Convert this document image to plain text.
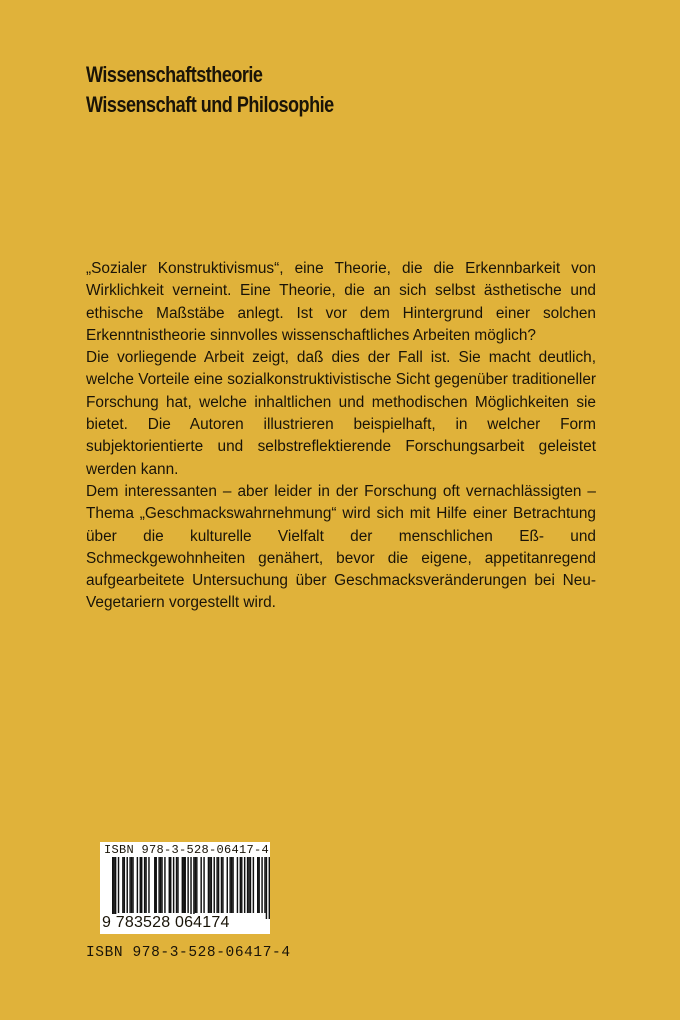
Wissenschaftstheorie
Wissenschaft und Philosophie

„Sozialer Konstruktivismus“, eine Theorie, die die Erkennbarkeit von Wirklichkeit verneint. Eine Theorie, die an sich selbst ästhetische und ethische Maßstäbe anlegt. Ist vor dem Hintergrund einer solchen Erkenntnistheorie sinnvolles wissenschaftliches Arbeiten möglich?

Die vorliegende Arbeit zeigt, daß dies der Fall ist. Sie macht deutlich, welche Vorteile eine sozialkonstruktivistische Sicht gegenüber traditioneller Forschung hat, welche inhaltlichen und methodischen Möglichkeiten sie bietet. Die Autoren illustrieren beispielhaft, in welcher Form subjektorientierte und selbstreflektierende Forschungsarbeit geleistet werden kann.

Dem interessanten – aber leider in der Forschung oft vernachlässigten – Thema „Geschmackswahrnehmung“ wird sich mit Hilfe einer Betrachtung über die kulturelle Vielfalt der menschlichen Eß- und Schmeckgewohnheiten genähert, bevor die eigene, appetitanregend aufgearbeitete Untersuchung über Geschmacksveränderungen bei Neu-Vegetariern vorgestellt wird.

ISBN 978-3-528-06417-4
9 783528 064174
ISBN 978-3-528-06417-4
